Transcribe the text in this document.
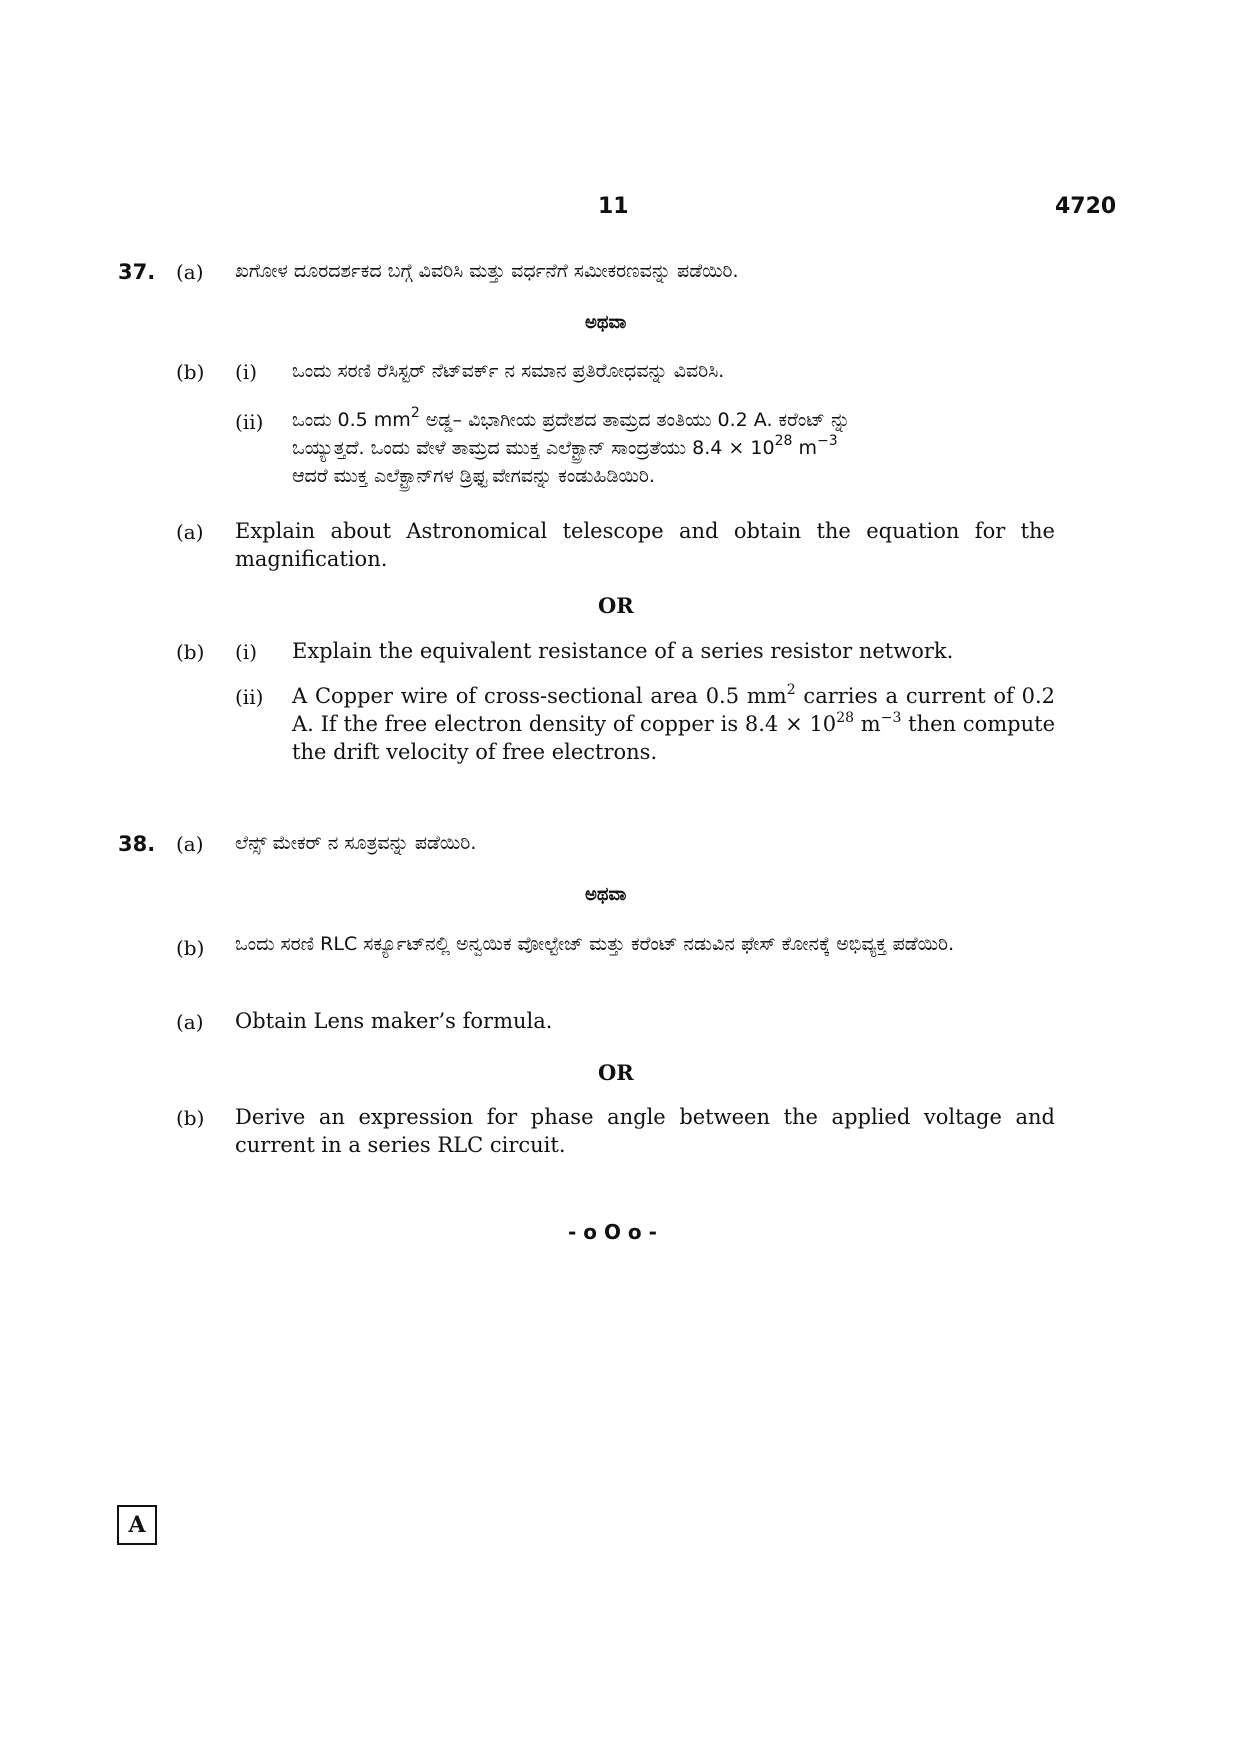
11	4720
37. (a) ಖಗೋಳ ದೂರದರ್ಶಕದ ಬಗ್ಗೆ ವಿವರಿಸಿ ಮತ್ತು ವರ್ಧನೆಗೆ ಸಮೀಕರಣವನ್ನು ಪಡೆಯಿರಿ.
ಅಥವಾ
(b) (i) ಒಂದು ಸರಣಿ ರೆಸಿಸ್ಟರ್ ನೆಟ್‌ವರ್ಕ್ ನ ಸಮಾನ ಪ್ರತಿರೋಧವನ್ನು ವಿವರಿಸಿ.
(ii) ಒಂದು 0.5 $mm^2$ ಅಡ್ಡ– ವಿಭಾಗೀಯ ಪ್ರದೇಶದ ತಾಮ್ರದ ತಂತಿಯು 0.2 A. ಕರೆಂಟ್ ನ್ನು
ಒಯ್ಯುತ್ತದೆ. ಒಂದು ವೇಳೆ ತಾಮ್ರದ ಮುಕ್ತ ಎಲೆಕ್ಟ್ರಾನ್ ಸಾಂದ್ರತೆಯು $8.4 \times 10^{28}$ $m^{-3}$
ಆದರೆ ಮುಕ್ತ ಎಲೆಕ್ಟ್ರಾನ್‌ಗಳ ಡ್ರಿಫ್ಟ ವೇಗವನ್ನು ಕಂಡುಹಿಡಿಯಿರಿ.
(a) Explain about Astronomical telescope and obtain the equation for the magnification.
OR
(b) (i) Explain the equivalent resistance of a series resistor network.
(ii) A Copper wire of cross-sectional area 0.5 $mm^2$ carries a current of 0.2 A. If the free electron density of copper is $8.4 \times 10^{28}$ $m^{-3}$ then compute the drift velocity of free electrons.
38. (a) ಲೆನ್ಸ್ ಮೇಕರ್ ನ ಸೂತ್ರವನ್ನು ಪಡೆಯಿರಿ.
ಅಥವಾ
(b) ಒಂದು ಸರಣಿ RLC ಸರ್ಕ್ಯೂಟ್‌ನಲ್ಲಿ ಅನ್ವಯಿಕ ವೋಲ್ಟೇಜ್ ಮತ್ತು ಕರೆಂಟ್ ನಡುವಿನ ಫೇಸ್ ಕೋನಕ್ಕೆ ಅಭಿವ್ಯಕ್ತ ಪಡೆಯಿರಿ.
(a) Obtain Lens maker’s formula.
OR
(b) Derive an expression for phase angle between the applied voltage and current in a series RLC circuit.
- o O o -
A
